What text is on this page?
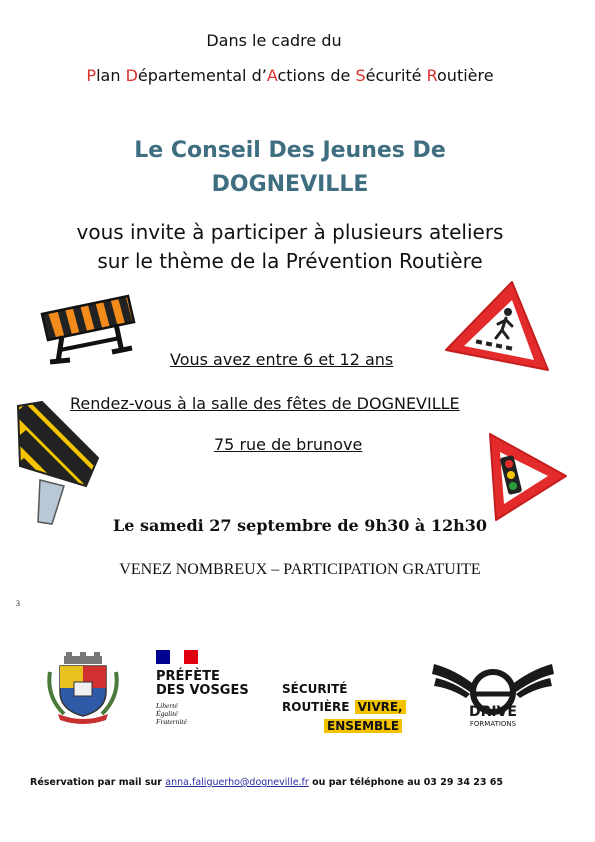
Dans le cadre du
Plan Départemental d’Actions de Sécurité Routière
Le Conseil Des Jeunes De
DOGNEVILLE
vous invite à participer à plusieurs ateliers
sur le thème de la Prévention Routière
Vous avez entre 6 et 12 ans
Rendez-vous à la salle des fêtes de DOGNEVILLE
75 rue de brunove
Le samedi 27 septembre de 9h30 à 12h30
VENEZ NOMBREUX – PARTICIPATION GRATUITE
3
PRÉFÈTE
DES VOSGES
Liberté
Égalité
Fraternité
SÉCURITÉ
ROUTIÈRE VIVRE,
ENSEMBLE
DRIVE
FORMATIONS
Réservation par mail sur anna.faliguerho@dogneville.fr ou par téléphone au 03 29 34 23 65
